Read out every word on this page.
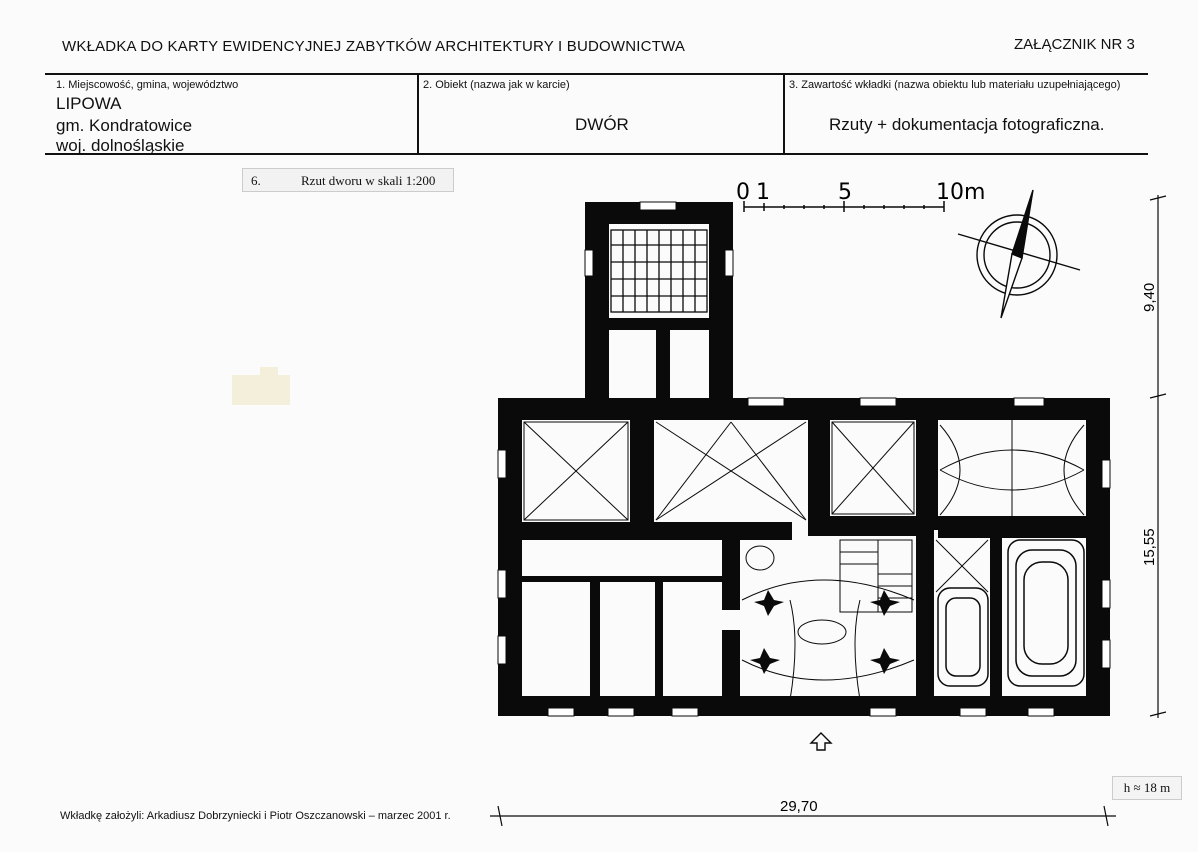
WKŁADKA DO KARTY EWIDENCYJNEJ ZABYTKÓW ARCHITEKTURY I BUDOWNICTWA	ZAŁĄCZNIK NR 3
1. Miejscowość, gmina, województwo
LIPOWA
gm. Kondratowice
woj. dolnośląskie
2. Obiekt (nazwa jak w karcie)
DWÓR
3. Zawartość wkładki (nazwa obiektu lub materiału uzupełniającego)
Rzuty + dokumentacja fotograficzna.
6.	Rzut dworu w skali 1:200	0 1	5	10m
9,40
15,55
29,70
h ≈ 18 m
Wkładkę założyli: Arkadiusz Dobrzyniecki i Piotr Oszczanowski – marzec 2001 r.
